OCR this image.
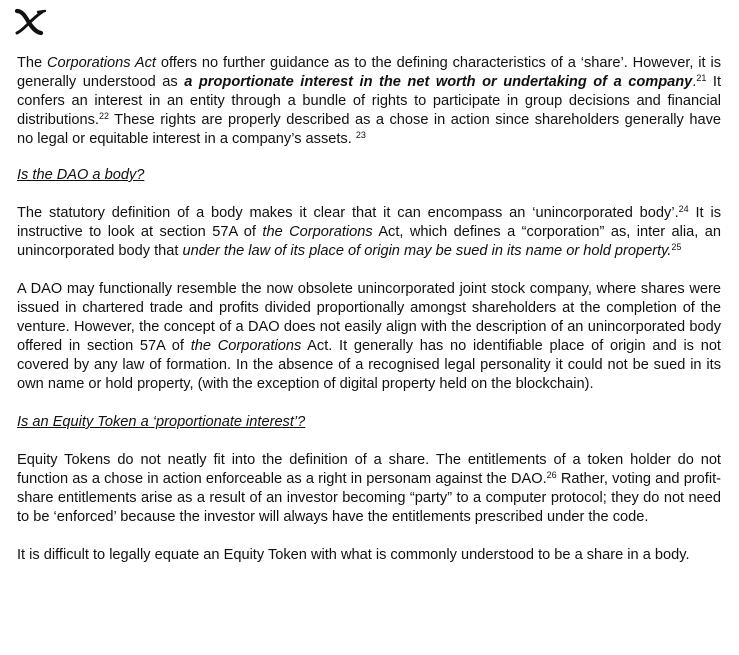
The Corporations Act offers no further guidance as to the defining characteristics of a ‘share’. However, it is generally understood as a proportionate interest in the net worth or undertaking of a company.$^{21}$ It confers an interest in an entity through a bundle of rights to participate in group decisions and financial distributions.$^{22}$ These rights are properly described as a chose in action since shareholders generally have no legal or equitable interest in a company’s assets. $^{23}$

Is the DAO a body?

The statutory definition of a body makes it clear that it can encompass an ‘unincorporated body’.$^{24}$ It is instructive to look at section 57A of the Corporations Act, which defines a “corporation” as, inter alia, an unincorporated body that under the law of its place of origin may be sued in its name or hold property.$^{25}$

A DAO may functionally resemble the now obsolete unincorporated joint stock company, where shares were issued in chartered trade and profits divided proportionally amongst shareholders at the completion of the venture. However, the concept of a DAO does not easily align with the description of an unincorporated body offered in section 57A of the Corporations Act. It generally has no identifiable place of origin and is not covered by any law of formation. In the absence of a recognised legal personality it could not be sued in its own name or hold property, (with the exception of digital property held on the blockchain).

Is an Equity Token a ‘proportionate interest’?

Equity Tokens do not neatly fit into the definition of a share. The entitlements of a token holder do not function as a chose in action enforceable as a right in personam against the DAO.$^{26}$ Rather, voting and profit-share entitlements arise as a result of an investor becoming “party” to a computer protocol; they do not need to be ‘enforced’ because the investor will always have the entitlements prescribed under the code.

It is difficult to legally equate an Equity Token with what is commonly understood to be a share in a body.
